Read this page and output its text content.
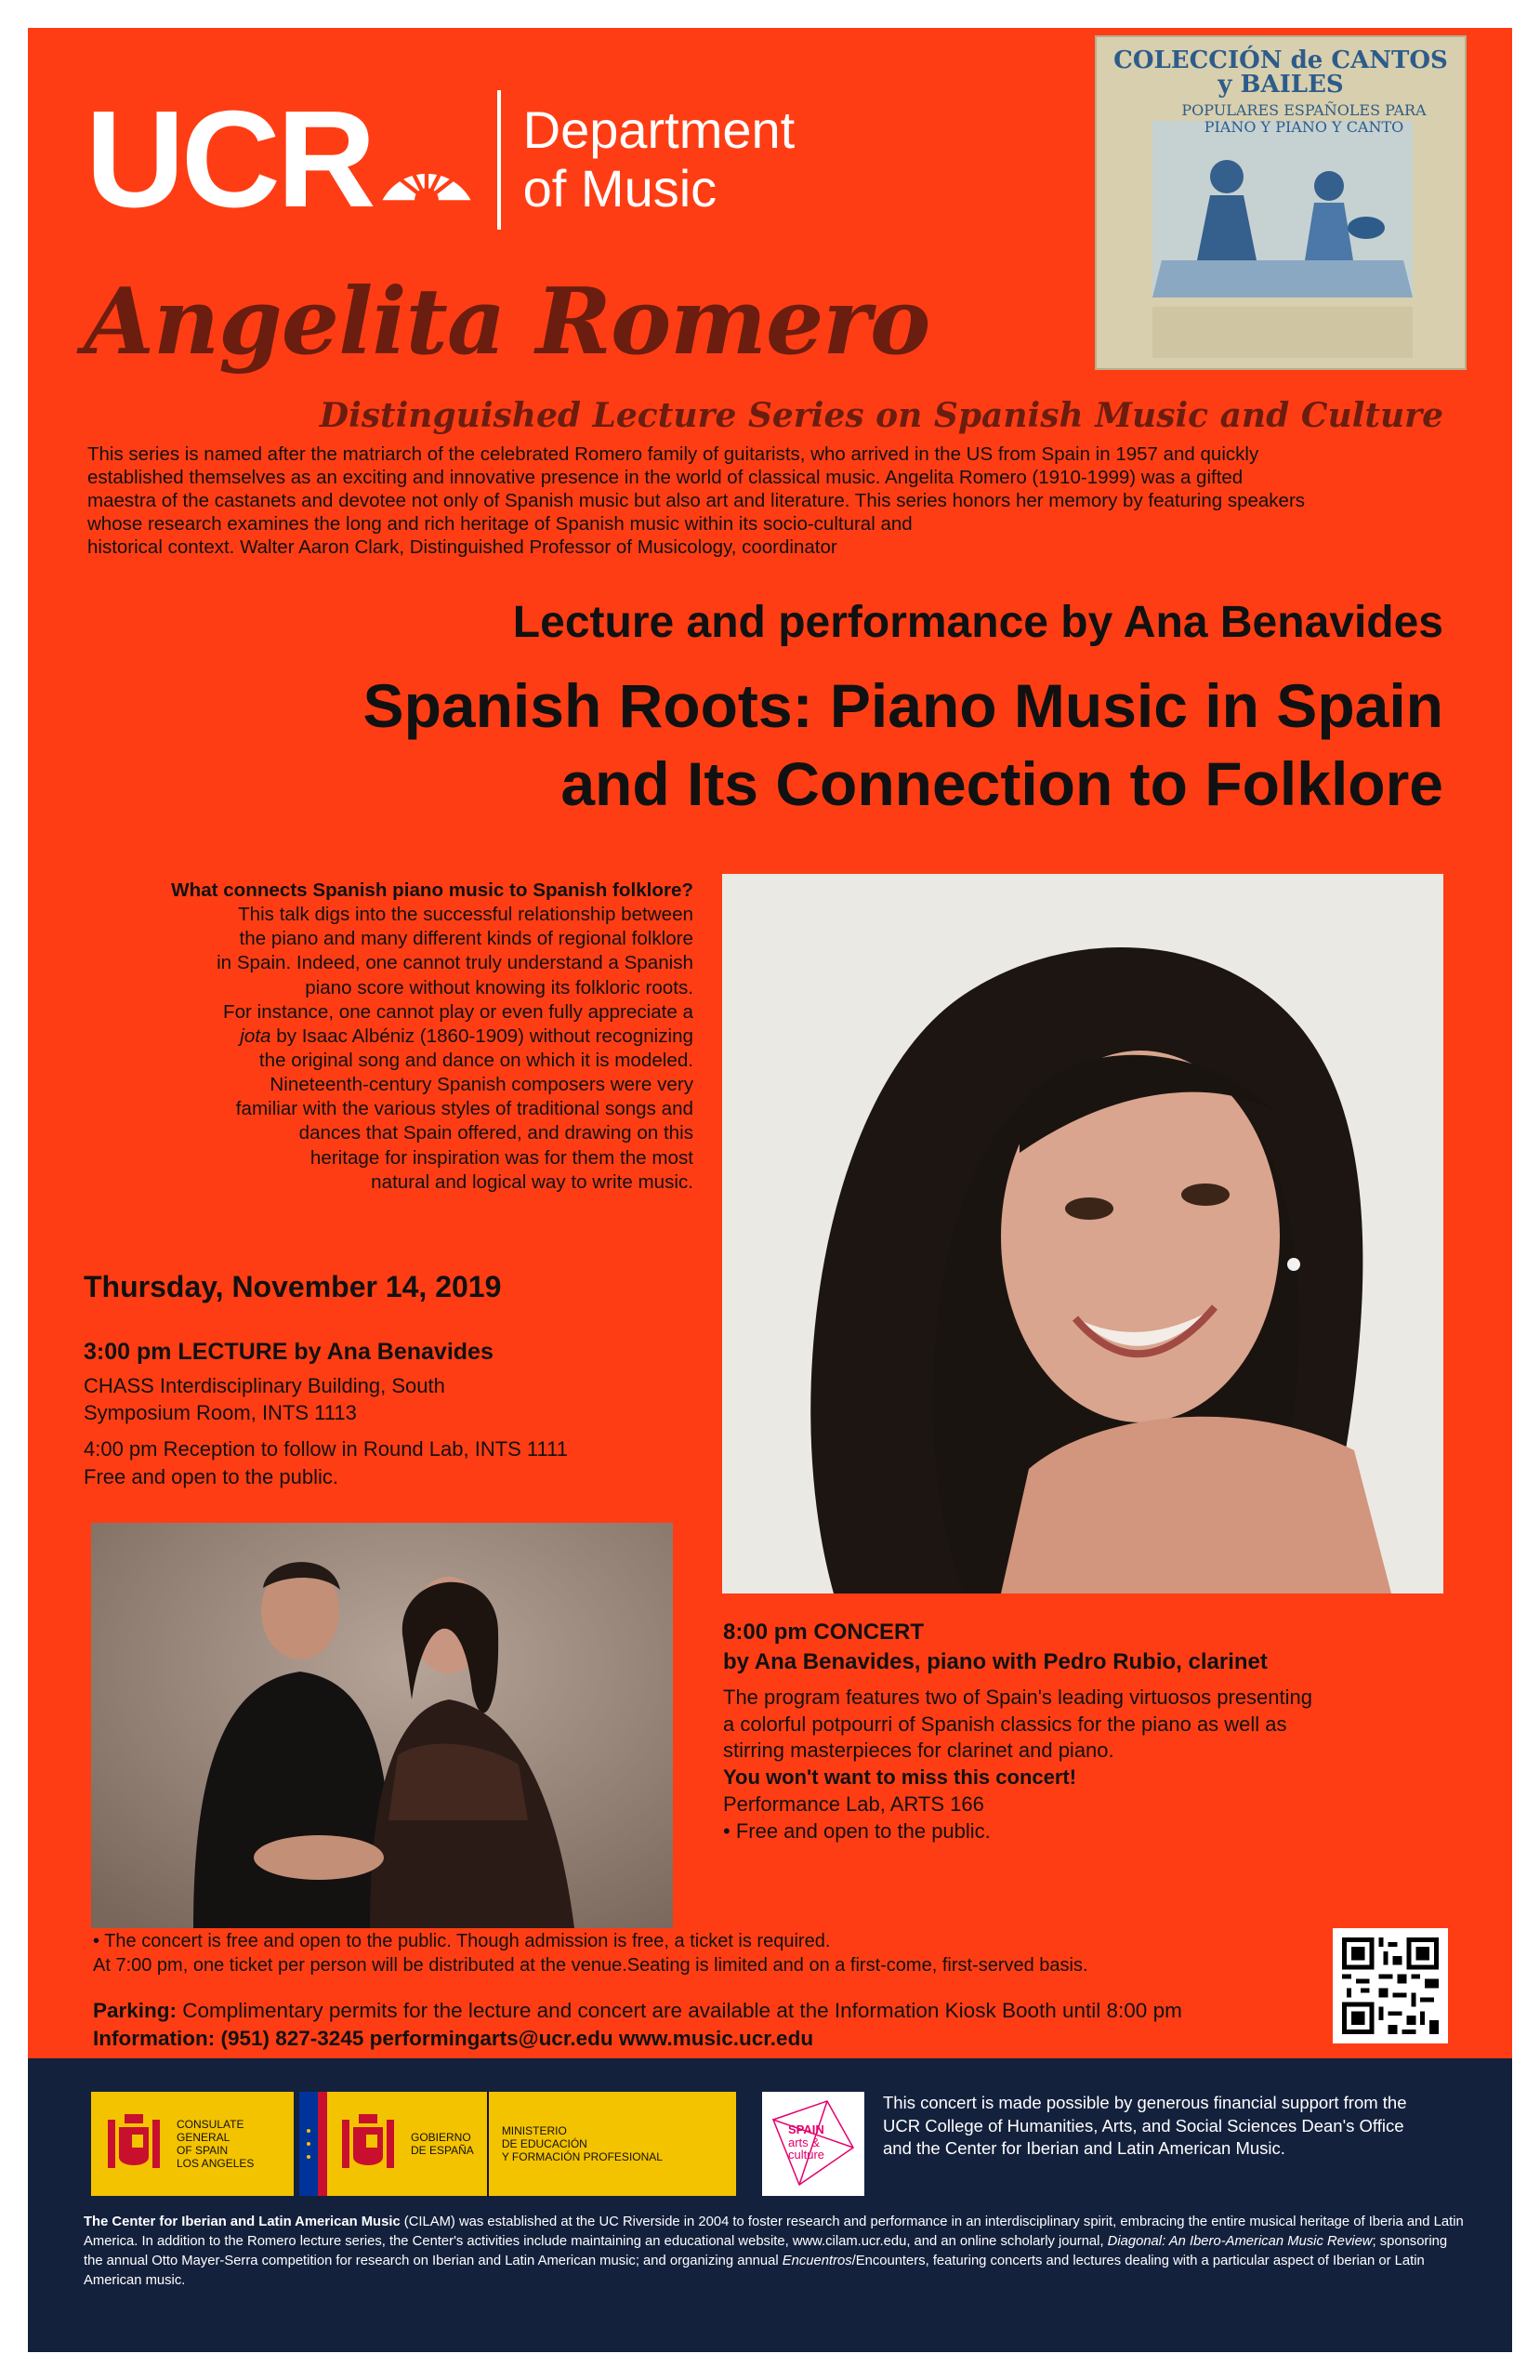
UC R	Department
of Music
COLECCIÓN de CANTOS y BAILES
POPULARES ESPAÑOLES PARA PIANO Y PIANO Y CANTO
Angelita Romero
Distinguished Lecture Series on Spanish Music and Culture
This series is named after the matriarch of the celebrated Romero family of guitarists, who arrived in the US from Spain in 1957 and quickly
established themselves as an exciting and innovative presence in the world of classical music. Angelita Romero (1910-1999) was a gifted
maestra of the castanets and devotee not only of Spanish music but also art and literature. This series honors her memory by featuring speakers
whose research examines the long and rich heritage of Spanish music within its socio-cultural and
historical context. Walter Aaron Clark, Distinguished Professor of Musicology, coordinator
Lecture and performance by Ana Benavides
Spanish Roots: Piano Music in Spain
and Its Connection to Folklore
What connects Spanish piano music to Spanish folklore?
This talk digs into the successful relationship between
the piano and many different kinds of regional folklore
in Spain. Indeed, one cannot truly understand a Spanish
piano score without knowing its folkloric roots.
For instance, one cannot play or even fully appreciate a
jota by Isaac Albéniz (1860-1909) without recognizing
the original song and dance on which it is modeled.
Nineteenth-century Spanish composers were very
familiar with the various styles of traditional songs and
dances that Spain offered, and drawing on this
heritage for inspiration was for them the most
natural and logical way to write music.
Thursday, November 14, 2019
3:00 pm LECTURE by Ana Benavides
CHASS Interdisciplinary Building, South
Symposium Room, INTS 1113
4:00 pm Reception to follow in Round Lab, INTS 1111
Free and open to the public.
8:00 pm CONCERT
by Ana Benavides, piano with Pedro Rubio, clarinet
The program features two of Spain's leading virtuosos presenting
a colorful potpourri of Spanish classics for the piano as well as
stirring masterpieces for clarinet and piano.
You won't want to miss this concert!
Performance Lab, ARTS 166
• Free and open to the public.
• The concert is free and open to the public. Though admission is free, a ticket is required.
At 7:00 pm, one ticket per person will be distributed at the venue.Seating is limited and on a first-come, first-served basis.
Parking: Complimentary permits for the lecture and concert are available at the Information Kiosk Booth until 8:00 pm
Information: (951) 827-3245 performingarts@ucr.edu www.music.ucr.edu
CONSULATE
GENERAL
OF SPAIN
LOS ANGELES
GOBIERNO
DE ESPAÑA
MINISTERIO
DE EDUCACIÓN
Y FORMACIÓN PROFESIONAL
SPAIN
arts &
culture
This concert is made possible by generous financial support from the
UCR College of Humanities, Arts, and Social Sciences Dean's Office
and the Center for Iberian and Latin American Music.
The Center for Iberian and Latin American Music (CILAM) was established at the UC Riverside in 2004 to foster research and performance in an interdisciplinary spirit, embracing the entire musical heritage of Iberia and Latin America. In addition to the Romero lecture series, the Center's activities include maintaining an educational website, www.cilam.ucr.edu, and an online scholarly journal, Diagonal: An Ibero-American Music Review; sponsoring the annual Otto Mayer-Serra competition for research on Iberian and Latin American music; and organizing annual Encuentros/Encounters, featuring concerts and lectures dealing with a particular aspect of Iberian or Latin American music.
